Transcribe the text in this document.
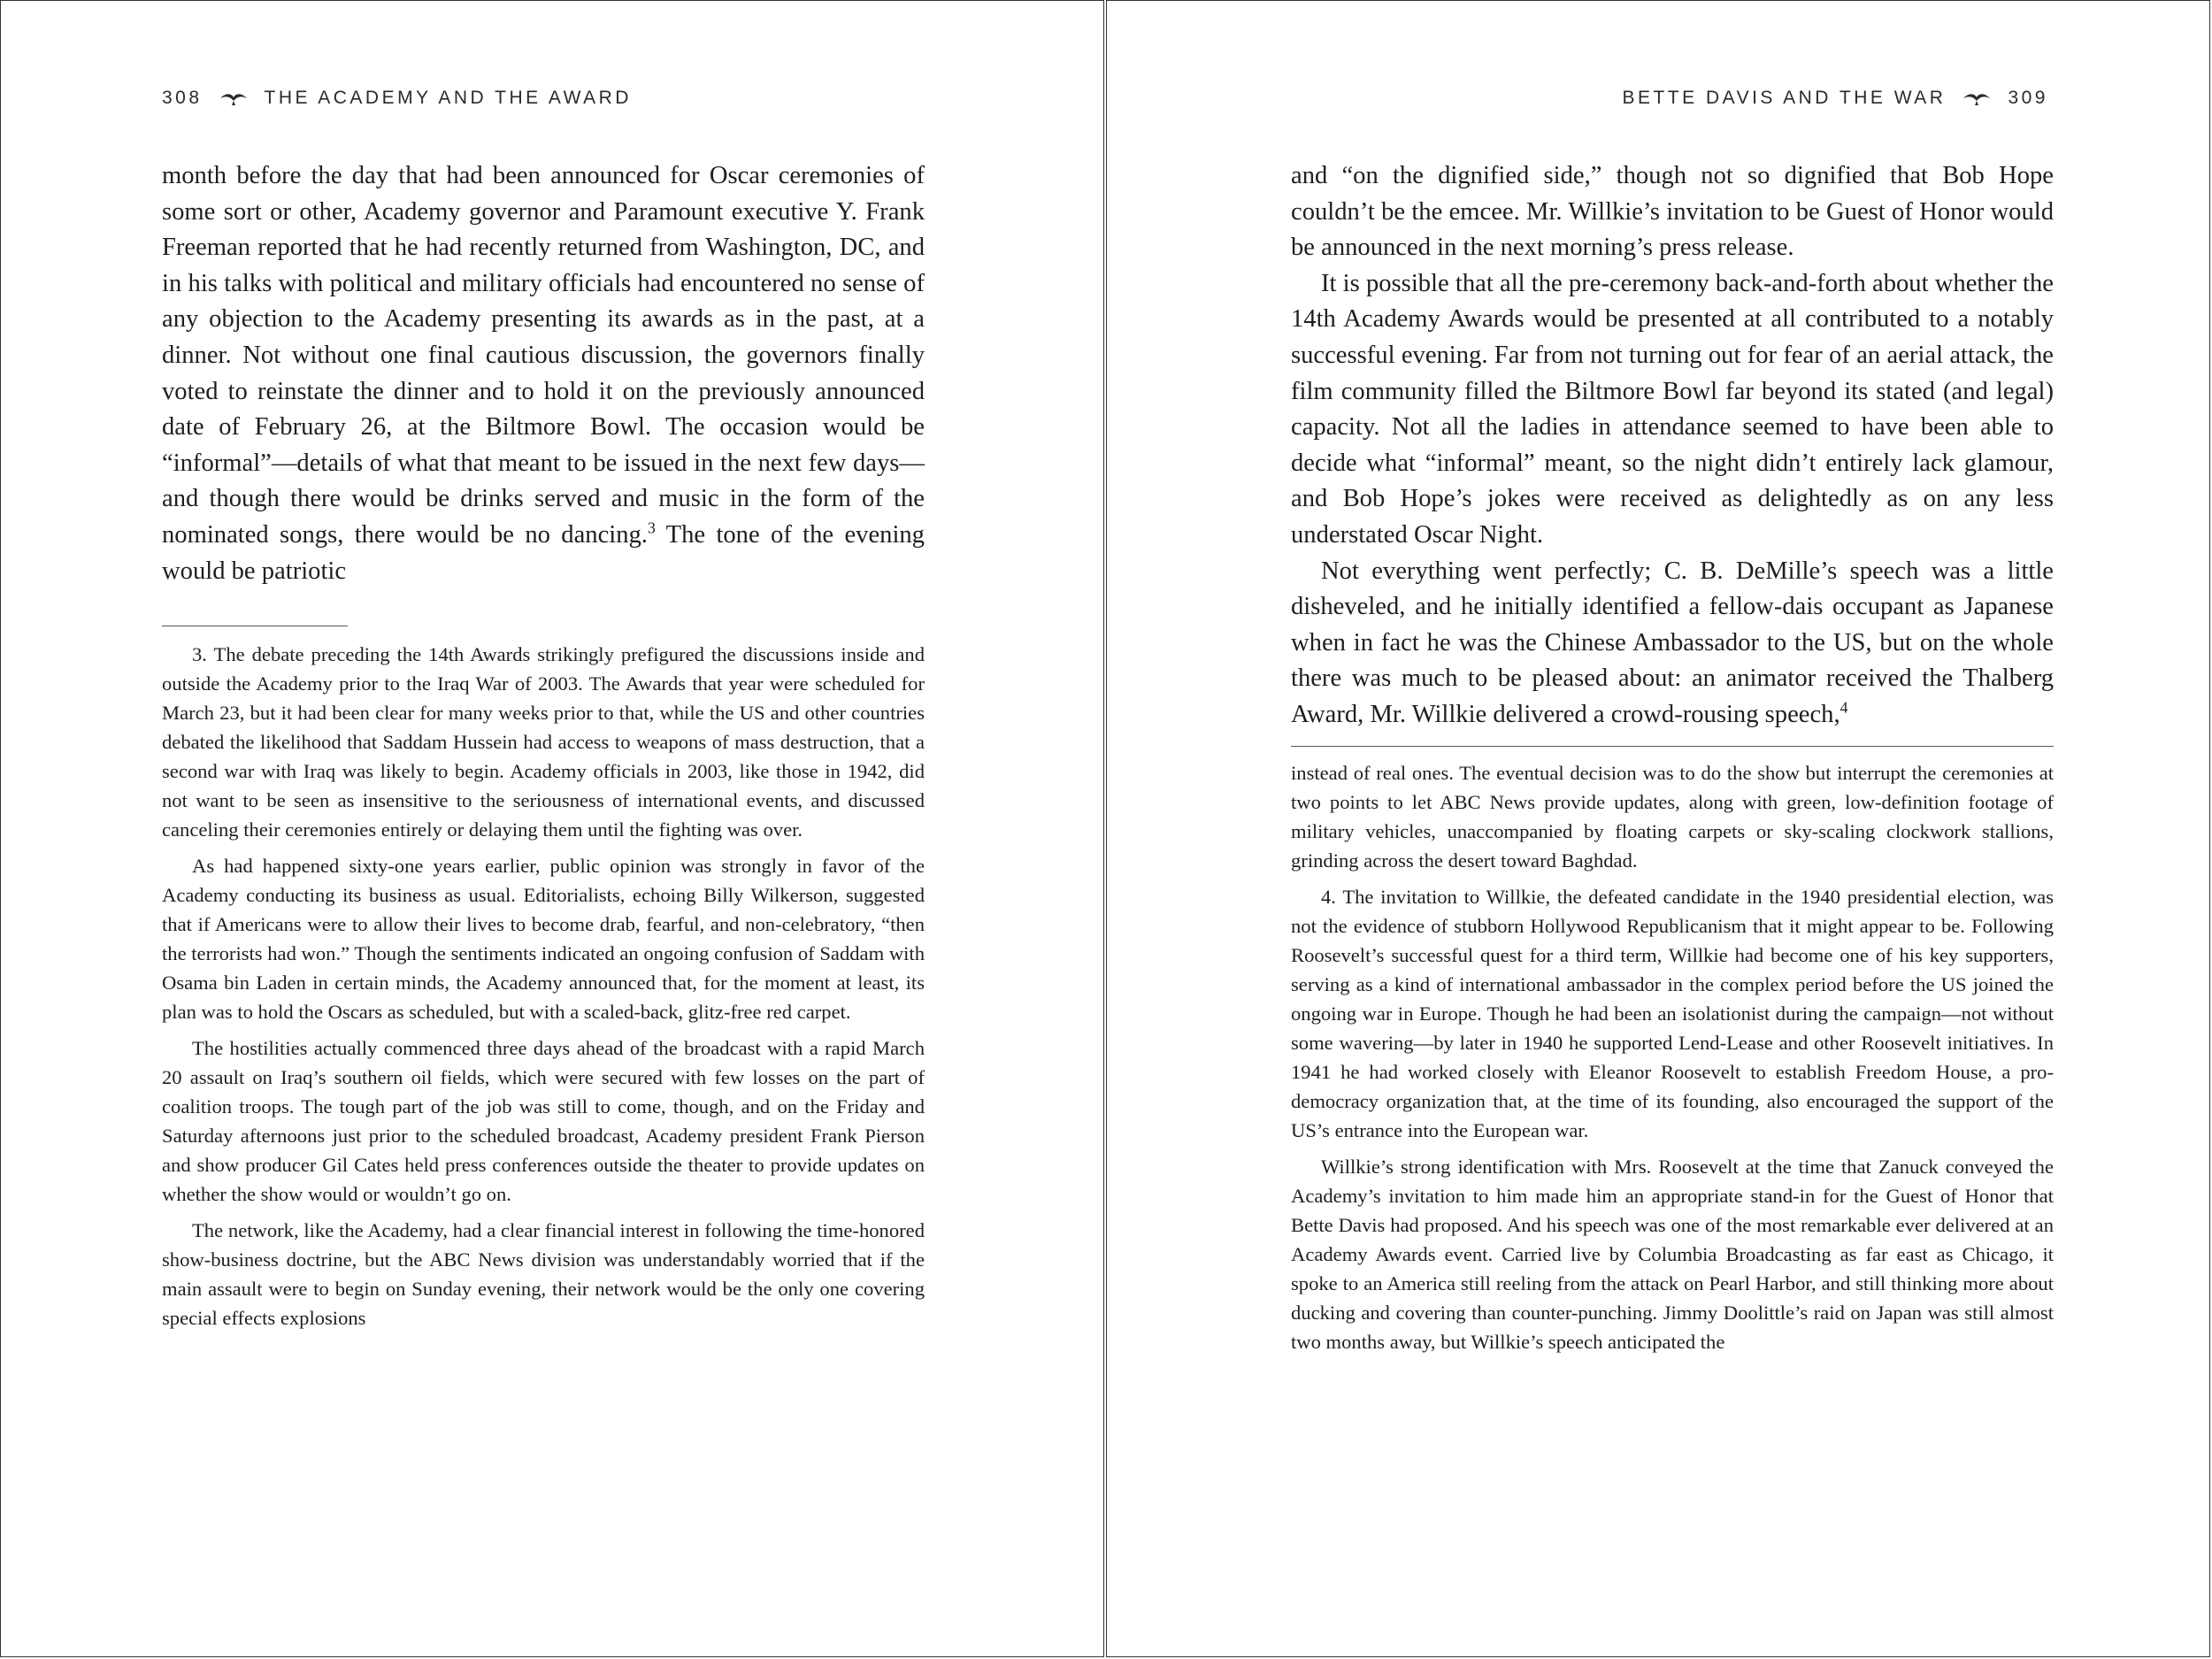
308	THE ACADEMY AND THE AWARD

month before the day that had been announced for Oscar ceremonies of some sort or other, Academy governor and Paramount executive Y. Frank Freeman reported that he had recently returned from Washington, DC, and in his talks with political and military officials had encountered no sense of any objection to the Academy presenting its awards as in the past, at a dinner. Not without one final cautious discussion, the governors finally voted to reinstate the dinner and to hold it on the previously announced date of February 26, at the Biltmore Bowl. The occasion would be “informal”—details of what that meant to be issued in the next few days—and though there would be drinks served and music in the form of the nominated songs, there would be no dancing.$^3$ The tone of the evening would be patriotic

3. The debate preceding the 14th Awards strikingly prefigured the discussions inside and outside the Academy prior to the Iraq War of 2003. The Awards that year were scheduled for March 23, but it had been clear for many weeks prior to that, while the US and other countries debated the likelihood that Saddam Hussein had access to weapons of mass destruction, that a second war with Iraq was likely to begin. Academy officials in 2003, like those in 1942, did not want to be seen as insensitive to the seriousness of international events, and discussed canceling their ceremonies entirely or delaying them until the fighting was over.

As had happened sixty-one years earlier, public opinion was strongly in favor of the Academy conducting its business as usual. Editorialists, echoing Billy Wilkerson, suggested that if Americans were to allow their lives to become drab, fearful, and non-celebratory, “then the terrorists had won.” Though the sentiments indicated an ongoing confusion of Saddam with Osama bin Laden in certain minds, the Academy announced that, for the moment at least, its plan was to hold the Oscars as scheduled, but with a scaled-back, glitz-free red carpet.

The hostilities actually commenced three days ahead of the broadcast with a rapid March 20 assault on Iraq’s southern oil fields, which were secured with few losses on the part of coalition troops. The tough part of the job was still to come, though, and on the Friday and Saturday afternoons just prior to the scheduled broadcast, Academy president Frank Pierson and show producer Gil Cates held press conferences outside the theater to provide updates on whether the show would or wouldn’t go on.

The network, like the Academy, had a clear financial interest in following the time-honored show-business doctrine, but the ABC News division was understandably worried that if the main assault were to begin on Sunday evening, their network would be the only one covering special effects explosions

BETTE DAVIS AND THE WAR	309

and “on the dignified side,” though not so dignified that Bob Hope couldn’t be the emcee. Mr. Willkie’s invitation to be Guest of Honor would be announced in the next morning’s press release.

It is possible that all the pre-ceremony back-and-forth about whether the 14th Academy Awards would be presented at all contributed to a notably successful evening. Far from not turning out for fear of an aerial attack, the film community filled the Biltmore Bowl far beyond its stated (and legal) capacity. Not all the ladies in attendance seemed to have been able to decide what “informal” meant, so the night didn’t entirely lack glamour, and Bob Hope’s jokes were received as delightedly as on any less understated Oscar Night.

Not everything went perfectly; C. B. DeMille’s speech was a little disheveled, and he initially identified a fellow-dais occupant as Japanese when in fact he was the Chinese Ambassador to the US, but on the whole there was much to be pleased about: an animator received the Thalberg Award, Mr. Willkie delivered a crowd-rousing speech,$^4$

instead of real ones. The eventual decision was to do the show but interrupt the ceremonies at two points to let ABC News provide updates, along with green, low-definition footage of military vehicles, unaccompanied by floating carpets or sky-scaling clockwork stallions, grinding across the desert toward Baghdad.

4. The invitation to Willkie, the defeated candidate in the 1940 presidential election, was not the evidence of stubborn Hollywood Republicanism that it might appear to be. Following Roosevelt’s successful quest for a third term, Willkie had become one of his key supporters, serving as a kind of international ambassador in the complex period before the US joined the ongoing war in Europe. Though he had been an isolationist during the campaign—not without some wavering—by later in 1940 he supported Lend-Lease and other Roosevelt initiatives. In 1941 he had worked closely with Eleanor Roosevelt to establish Freedom House, a pro-democracy organization that, at the time of its founding, also encouraged the support of the US’s entrance into the European war.

Willkie’s strong identification with Mrs. Roosevelt at the time that Zanuck conveyed the Academy’s invitation to him made him an appropriate stand-in for the Guest of Honor that Bette Davis had proposed. And his speech was one of the most remarkable ever delivered at an Academy Awards event. Carried live by Columbia Broadcasting as far east as Chicago, it spoke to an America still reeling from the attack on Pearl Harbor, and still thinking more about ducking and covering than counter-punching. Jimmy Doolittle’s raid on Japan was still almost two months away, but Willkie’s speech anticipated the
